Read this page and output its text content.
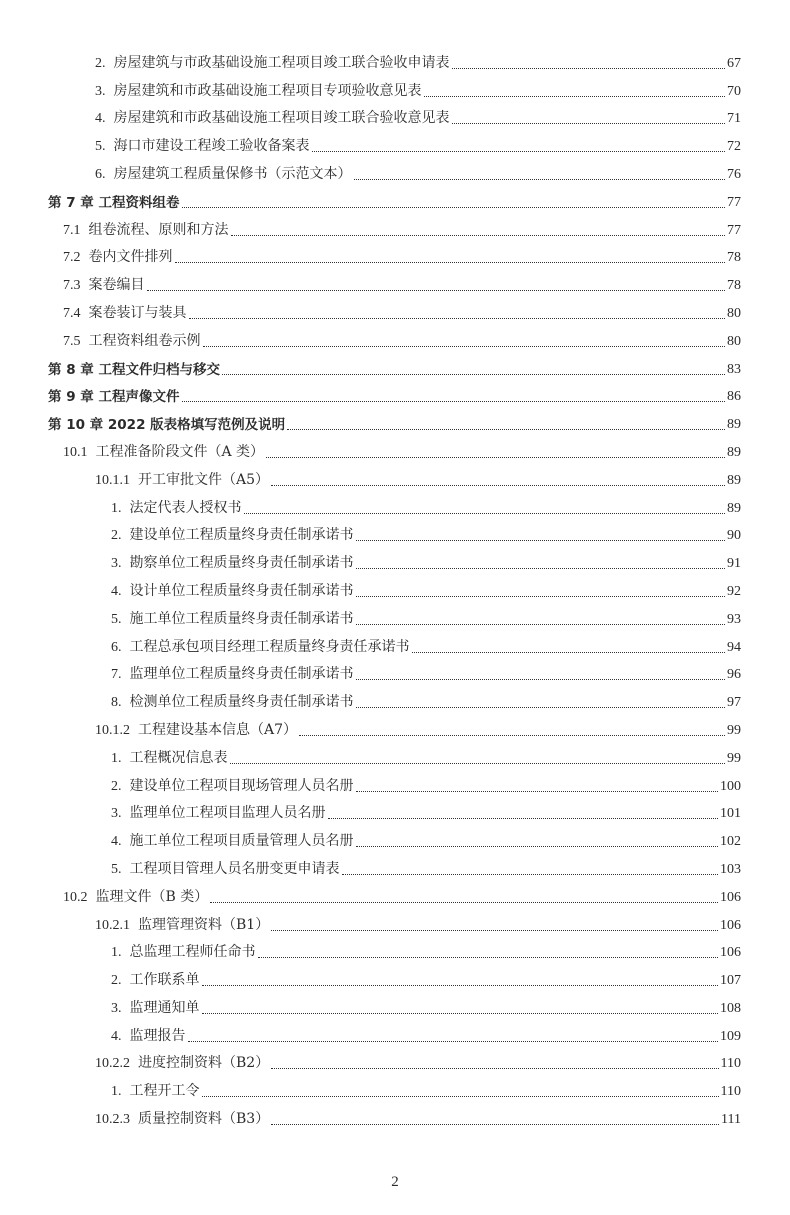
2. 房屋建筑与市政基础设施工程项目竣工联合验收申请表	67
3. 房屋建筑和市政基础设施工程项目专项验收意见表	70
4. 房屋建筑和市政基础设施工程项目竣工联合验收意见表	71
5. 海口市建设工程竣工验收备案表	72
6. 房屋建筑工程质量保修书（示范文本）	76
第 7 章 工程资料组卷	77
7.1 组卷流程、原则和方法	77
7.2 卷内文件排列	78
7.3 案卷编目	78
7.4 案卷装订与装具	80
7.5 工程资料组卷示例	80
第 8 章 工程文件归档与移交	83
第 9 章 工程声像文件	86
第 10 章 2022 版表格填写范例及说明	89
10.1 工程准备阶段文件（A 类）	89
10.1.1 开工审批文件（A5）	89
1. 法定代表人授权书	89
2. 建设单位工程质量终身责任制承诺书	90
3. 勘察单位工程质量终身责任制承诺书	91
4. 设计单位工程质量终身责任制承诺书	92
5. 施工单位工程质量终身责任制承诺书	93
6. 工程总承包项目经理工程质量终身责任承诺书	94
7. 监理单位工程质量终身责任制承诺书	96
8. 检测单位工程质量终身责任制承诺书	97
10.1.2 工程建设基本信息（A7）	99
1. 工程概况信息表	99
2. 建设单位工程项目现场管理人员名册	100
3. 监理单位工程项目监理人员名册	101
4. 施工单位工程项目质量管理人员名册	102
5. 工程项目管理人员名册变更申请表	103
10.2 监理文件（B 类）	106
10.2.1 监理管理资料（B1）	106
1. 总监理工程师任命书	106
2. 工作联系单	107
3. 监理通知单	108
4. 监理报告	109
10.2.2 进度控制资料（B2）	110
1. 工程开工令	110
10.2.3 质量控制资料（B3）	111
2
